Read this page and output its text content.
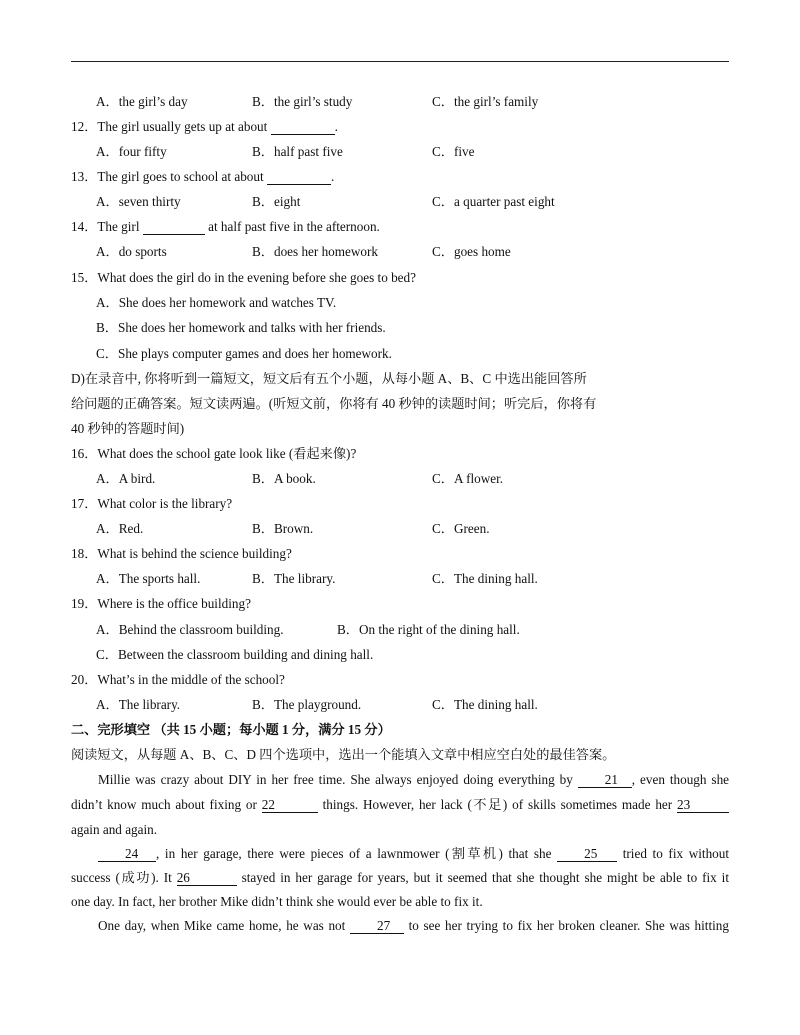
A．the girl’s day	B．the girl’s study	C．the girl’s family
12．The girl usually gets up at about	.
A．four fifty	B．half past five	C．five
13．The girl goes to school at about	.
A．seven thirty	B．eight	C．a quarter past eight
14．The girl	at half past five in the afternoon.
A．do sports	B．does her homework	C．goes home
15．What does the girl do in the evening before she goes to bed?
A．She does her homework and watches TV.
B．She does her homework and talks with her friends.
C．She plays computer games and does her homework.
D)在录音中, 你将听到一篇短文，短文后有五个小题，从每小题 A、B、C 中选出能回答所
给问题的正确答案。短文读两遍。(听短文前，你将有 40 秒钟的读题时间；听完后，你将有
40 秒钟的答题时间)
16．What does the school gate look like (看起来像)?
A．A bird.	B．A book.	C．A flower.
17．What color is the library?
A．Red.	B．Brown.	C．Green.
18．What is behind the science building?
A．The sports hall.	B．The library.	C．The dining hall.
19．Where is the office building?
A．Behind the classroom building.	B．On the right of the dining hall.
C．Between the classroom building and dining hall.
20．What’s in the middle of the school?
A．The library.	B．The playground.	C．The dining hall.
二、完形填空 （共 15 小题；每小题 1 分，满分 15 分）
阅读短文，从每题 A、B、C、D 四个选项中，选出一个能填入文章中相应空白处的最佳答案。
Millie was crazy about DIY in her free time. She always enjoyed doing everything by 21 , even though she
didn’t know much about fixing or 22	things. However, her lack (不足) of skills sometimes made her 23
again and again.
24 , in her garage, there were pieces of a lawnmower (割草机) that she 25 tried to fix without
success (成功). It 26	stayed in her garage for years, but it seemed that she thought she might be able to fix it
one day. In fact, her brother Mike didn’t think she would ever be able to fix it.
One day, when Mike came home, he was not 27 to see her trying to fix her broken cleaner. She was hitting
